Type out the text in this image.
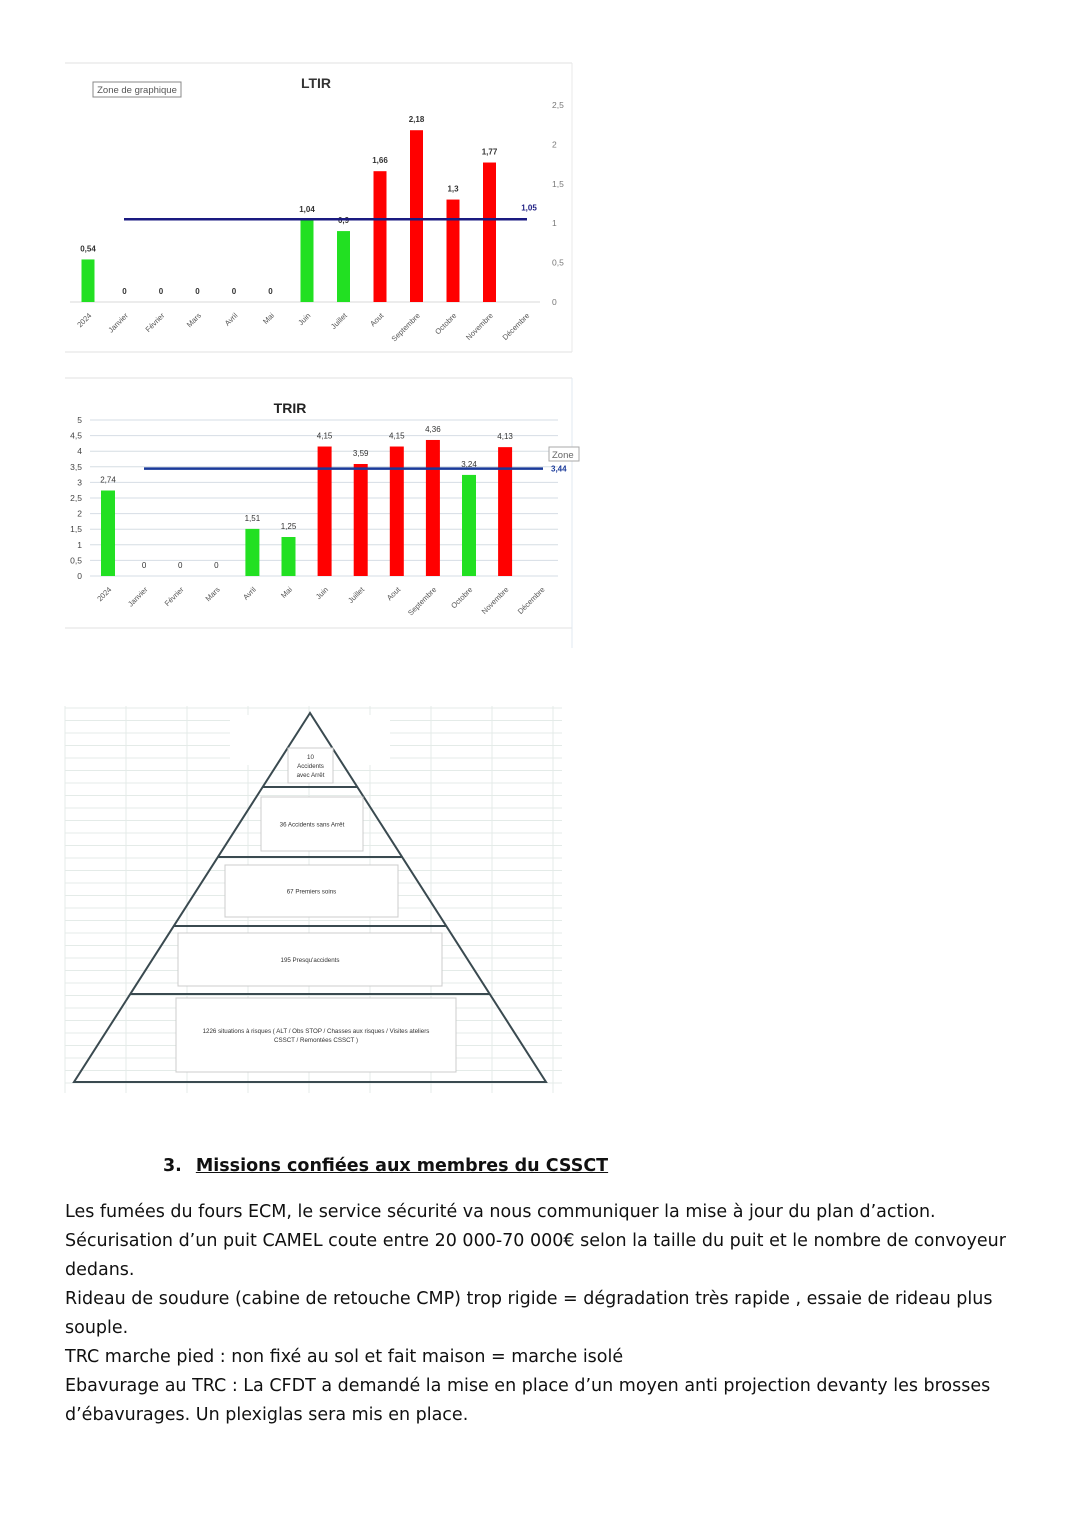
Zone de graphique	LTIR
0
0,5
1
1,5
2
2,5
0,54
2024
0
Janvier
0
Février
0
Mars
0
Avril
0
Mai
1,04
Juin
0,9
Juillet
1,66
Aout
2,18
Septembre
1,3
Octobre
1,77
Novembre Décembre
1,05
TRIR
0
0,5
1
1,5
2
2,5
3
3,5
4
4,5
5
2,74
2024
0
Janvier
0
Février
0
Mars
1,51
Avril
1,25
Mai
4,15
Juin
3,59
Juillet
4,15
Aout
4,36
Septembre
3,24
Octobre
4,13
Novembre Décembre
3,44
Zone
10
Accidents
avec Arrêt
36 Accidents sans Arrêt
67 Premiers soins
195 Presqu'accidents
1226 situations à risques ( ALT / Obs STOP / Chasses aux risques / Visites ateliers
CSSCT / Remontées CSSCT )
3. Missions confiées aux membres du CSSCT

Les fumées du fours ECM, le service sécurité va nous communiquer la mise à jour du plan d’action.

Sécurisation d’un puit CAMEL coute entre 20 000-70 000€ selon la taille du puit et le nombre de convoyeur dedans.

Rideau de soudure (cabine de retouche CMP) trop rigide = dégradation très rapide , essaie de rideau plus souple.

TRC marche pied : non fixé au sol et fait maison = marche isolé

Ebavurage au TRC : La CFDT a demandé la mise en place d’un moyen anti projection devanty les brosses d’ébavurages. Un plexiglas sera mis en place.
